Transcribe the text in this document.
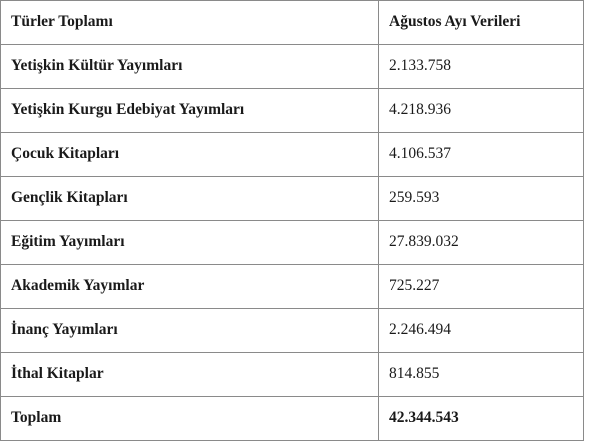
Türler Toplamı	Ağustos Ayı Verileri
Yetişkin Kültür Yayımları	2.133.758
Yetişkin Kurgu Edebiyat Yayımları	4.218.936
Çocuk Kitapları	4.106.537
Gençlik Kitapları	259.593
Eğitim Yayımları	27.839.032
Akademik Yayımlar	725.227
İnanç Yayımları	2.246.494
İthal Kitaplar	814.855
Toplam	42.344.543
